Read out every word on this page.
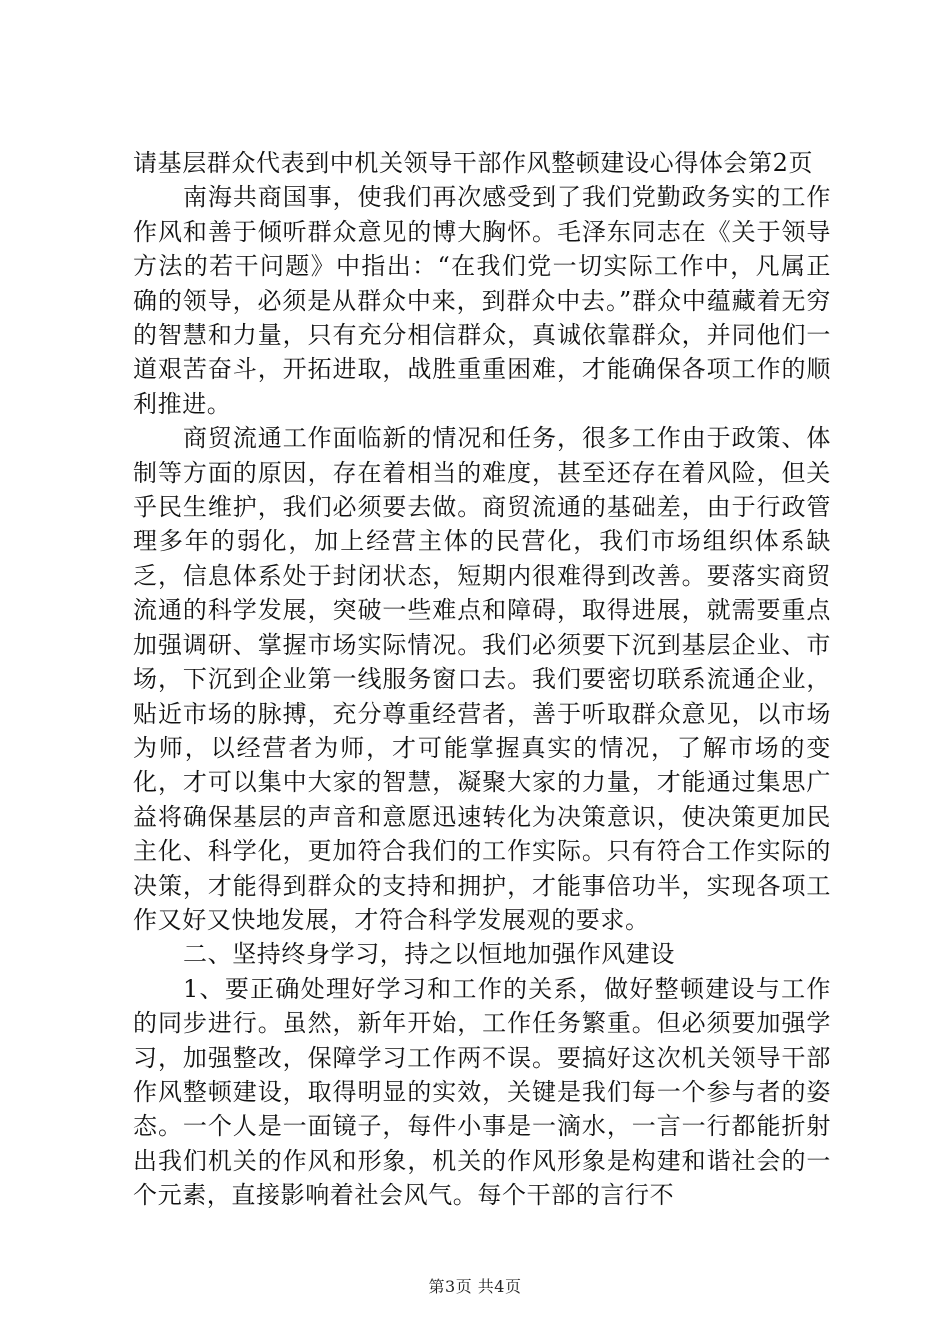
请基层群众代表到中机关领导干部作风整顿建设心得体会第2页

南海共商国事，使我们再次感受到了我们党勤政务实的工作作风和善于倾听群众意见的博大胸怀。毛泽东同志在《关于领导方法的若干问题》中指出：“在我们党一切实际工作中，凡属正确的领导，必须是从群众中来，到群众中去。”群众中蕴藏着无穷的智慧和力量，只有充分相信群众，真诚依靠群众，并同他们一道艰苦奋斗，开拓进取，战胜重重困难，才能确保各项工作的顺利推进。

商贸流通工作面临新的情况和任务，很多工作由于政策、体制等方面的原因，存在着相当的难度，甚至还存在着风险，但关乎民生维护，我们必须要去做。商贸流通的基础差，由于行政管理多年的弱化，加上经营主体的民营化，我们市场组织体系缺乏，信息体系处于封闭状态，短期内很难得到改善。要落实商贸流通的科学发展，突破一些难点和障碍，取得进展，就需要重点加强调研、掌握市场实际情况。我们必须要下沉到基层企业、市场，下沉到企业第一线服务窗口去。我们要密切联系流通企业，贴近市场的脉搏，充分尊重经营者，善于听取群众意见，以市场为师，以经营者为师，才可能掌握真实的情况，了解市场的变化，才可以集中大家的智慧，凝聚大家的力量，才能通过集思广益将确保基层的声音和意愿迅速转化为决策意识，使决策更加民主化、科学化，更加符合我们的工作实际。只有符合工作实际的决策，才能得到群众的支持和拥护，才能事倍功半，实现各项工作又好又快地发展，才符合科学发展观的要求。

二、坚持终身学习，持之以恒地加强作风建设

1、要正确处理好学习和工作的关系，做好整顿建设与工作的同步进行。虽然，新年开始，工作任务繁重。但必须要加强学习，加强整改，保障学习工作两不误。要搞好这次机关领导干部作风整顿建设，取得明显的实效，关键是我们每一个参与者的姿态。一个人是一面镜子，每件小事是一滴水，一言一行都能折射出我们机关的作风和形象，机关的作风形象是构建和谐社会的一个元素，直接影响着社会风气。每个干部的言行不

第3页 共4页
